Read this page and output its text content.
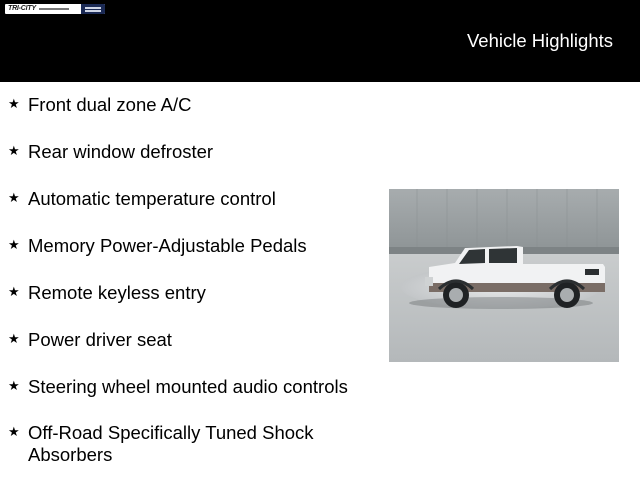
TRI-CITY
Vehicle Highlights
★ Front dual zone A/C
★ Rear window defroster
★ Automatic temperature control
★ Memory Power-Adjustable Pedals
★ Remote keyless entry
★ Power driver seat
★ Steering wheel mounted audio controls
★ Off-Road Specifically Tuned Shock Absorbers
